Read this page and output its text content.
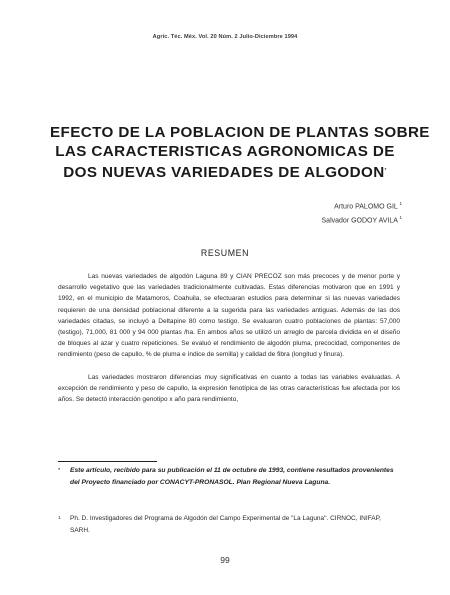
Agric. Téc. Méx. Vol. 20 Núm. 2 Julio-Diciembre 1994
EFECTO DE LA POBLACION DE PLANTAS SOBRE
LAS CARACTERISTICAS AGRONOMICAS DE
DOS NUEVAS VARIEDADES DE ALGODON*
Arturo PALOMO GIL $^1$
Salvador GODOY AVILA $^1$
RESUMEN

Las nuevas variedades de algodón Laguna 89 y CIAN PRECOZ son más precoces y de menor porte y desarrollo vegetativo que las variedades tradicionalmente cultivadas. Estas diferencias motivaron que en 1991 y 1992, en el municipio de Matamoros, Coahuila, se efectuaran estudios para determinar si las nuevas variedades requieren de una densidad poblacional diferente a la sugerida para las variedades antiguas. Además de las dos variedades citadas, se incluyó a Deltapine 80 como testigo. Se evaluaron cuatro poblaciones de plantas: 57,000 (testigo), 71,000, 81 000 y 94 000 plantas /ha. En ambos años se utilizó un arreglo de parcela dividida en el diseño de bloques al azar y cuatro repeticiones. Se evaluó el rendimiento de algodón pluma, precocidad, componentes de rendimiento (peso de capullo, % de pluma e índice de semilla) y calidad de fibra (longitud y finura).

Las variedades mostraron diferencias muy significativas en cuanto a todas las variables evaluadas. A excepción de rendimiento y peso de capullo, la expresión fenotípica de las otras características fue afectada por los años. Se detectó interacción genotipo x año para rendimiento,

*	Este artículo, recibido para su publicación el 11 de octubre de 1993, contiene resultados provenientes del Proyecto financiado por CONACYT-PRONASOL. Plan Regional Nueva Laguna.
1	Ph. D. Investigadores del Programa de Algodón del Campo Experimental de "La Laguna". CIRNOC, INIFAP, SARH.
99
